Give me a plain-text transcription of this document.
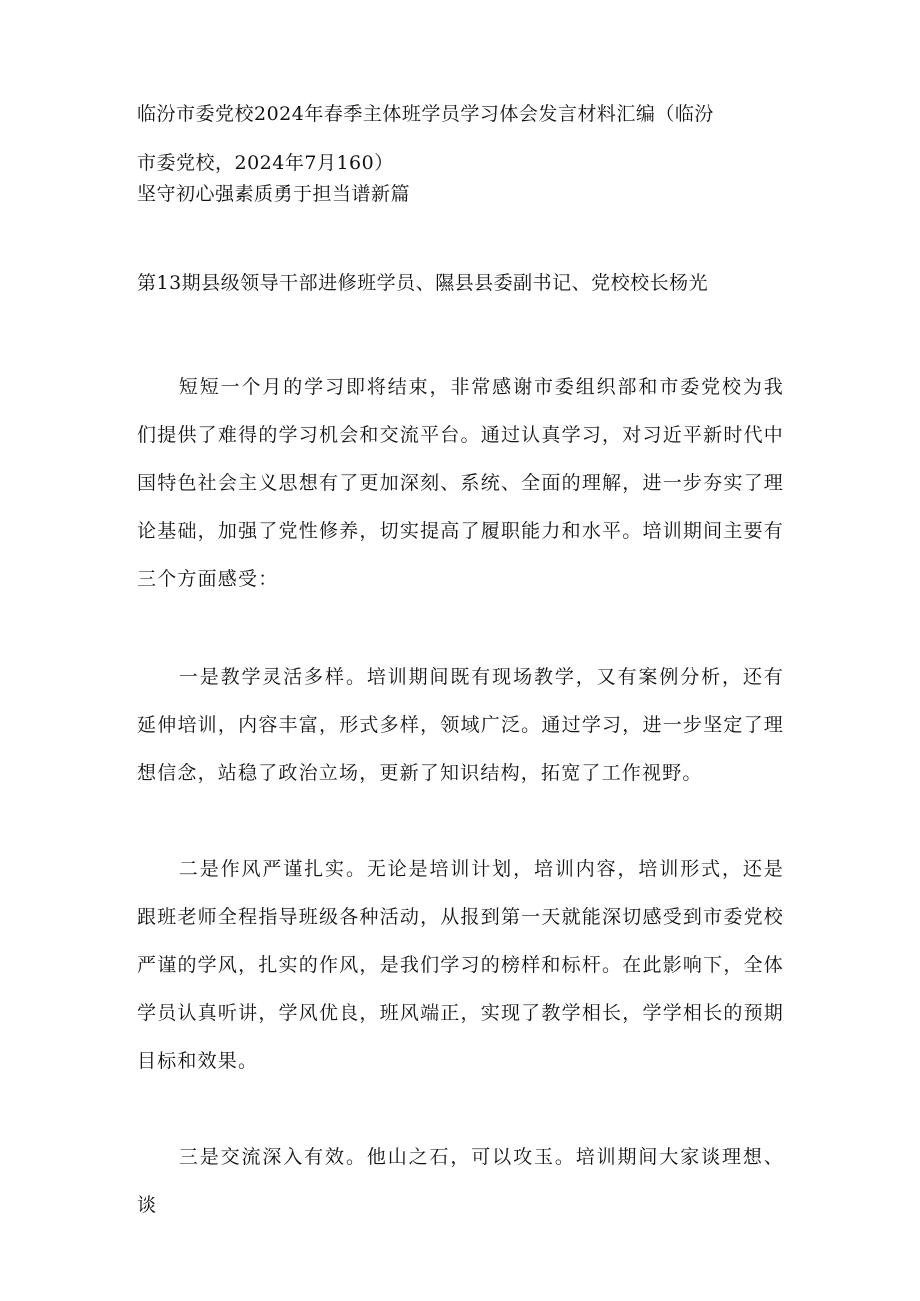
临汾市委党校2024年春季主体班学员学习体会发言材料汇编（临汾
市委党校，2024年7月160）
坚守初心强素质勇于担当谱新篇
第13期县级领导干部进修班学员、隰县县委副书记、党校校长杨光

短短一个月的学习即将结束，非常感谢市委组织部和市委党校为我们提供了难得的学习机会和交流平台。通过认真学习，对习近平新时代中国特色社会主义思想有了更加深刻、系统、全面的理解，进一步夯实了理论基础，加强了党性修养，切实提高了履职能力和水平。培训期间主要有三个方面感受：

一是教学灵活多样。培训期间既有现场教学，又有案例分析，还有延伸培训，内容丰富，形式多样，领域广泛。通过学习，进一步坚定了理想信念，站稳了政治立场，更新了知识结构，拓宽了工作视野。

二是作风严谨扎实。无论是培训计划，培训内容，培训形式，还是跟班老师全程指导班级各种活动，从报到第一天就能深切感受到市委党校严谨的学风，扎实的作风，是我们学习的榜样和标杆。在此影响下，全体学员认真听讲，学风优良，班风端正，实现了教学相长，学学相长的预期目标和效果。

三是交流深入有效。他山之石，可以攻玉。培训期间大家谈理想、谈
